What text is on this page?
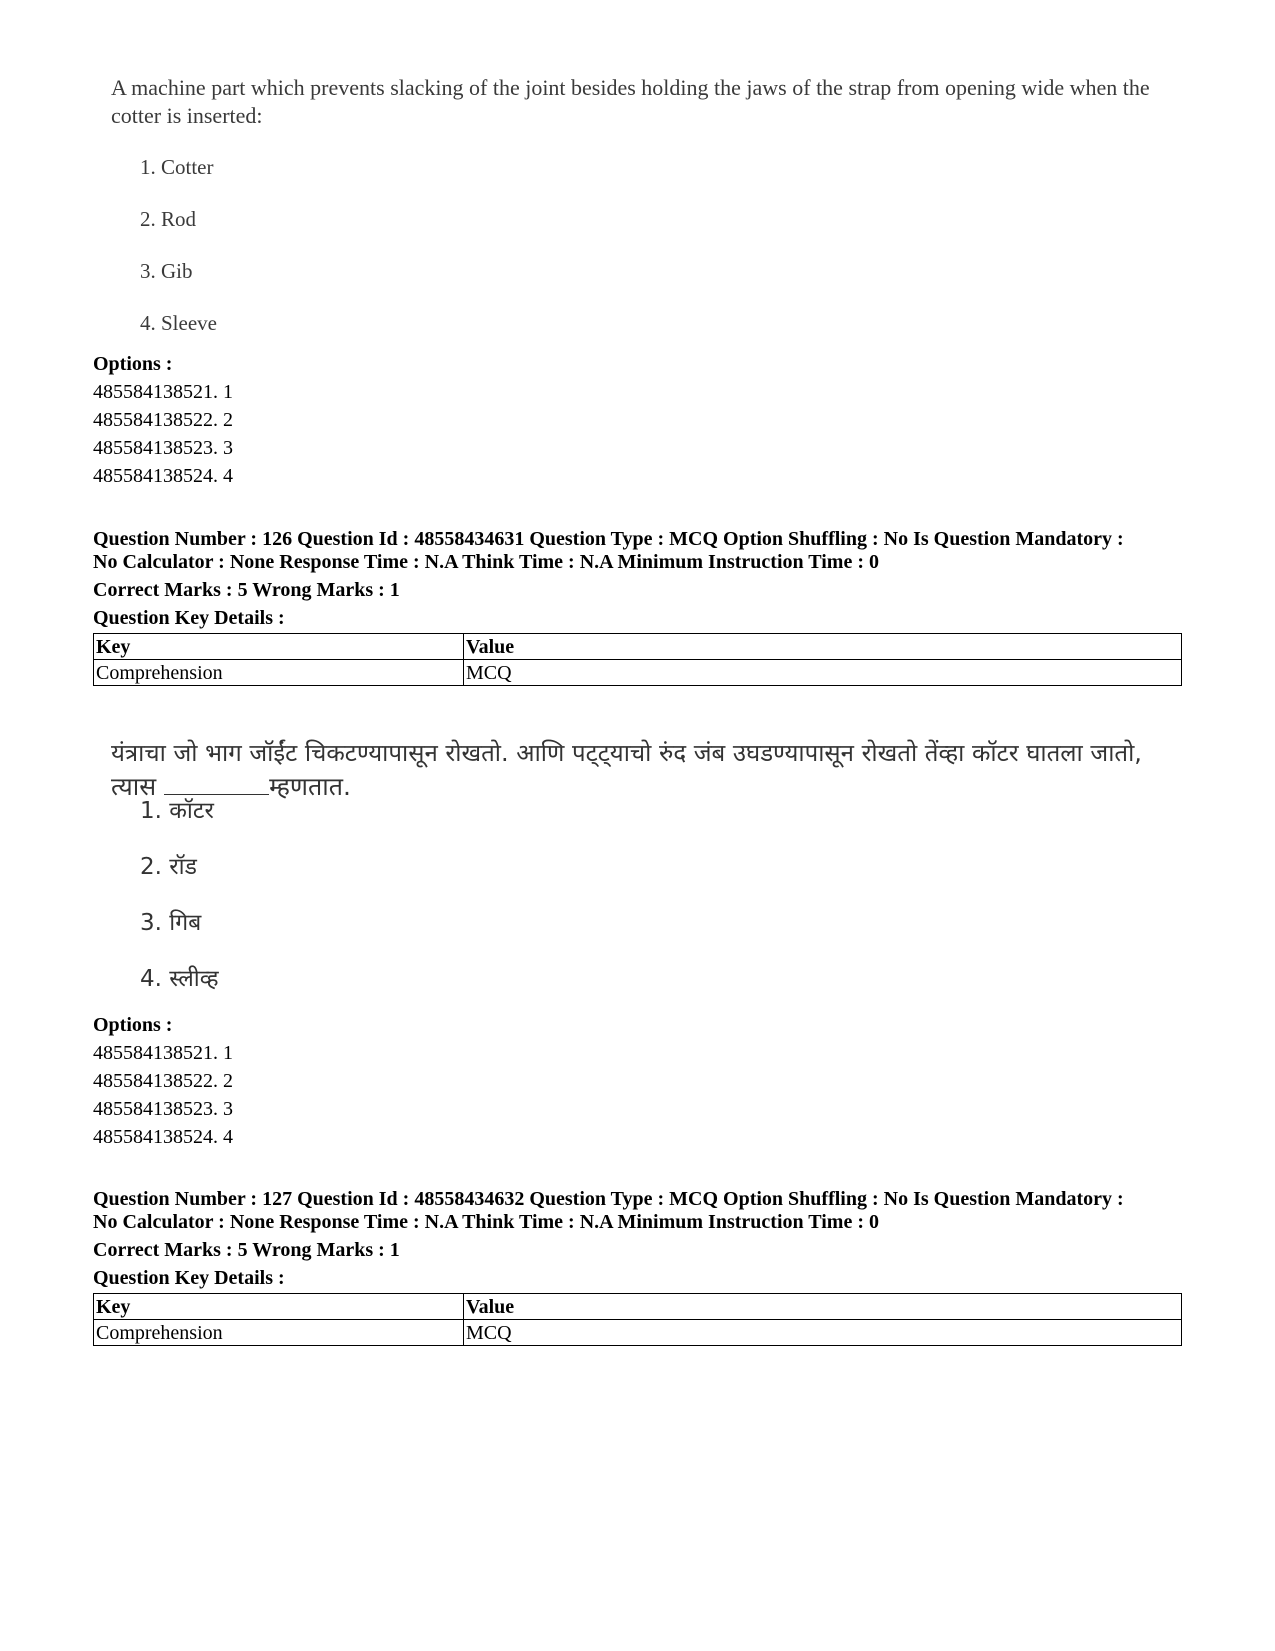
A machine part which prevents slacking of the joint besides holding the jaws of the strap from opening wide when the cotter is inserted:
1. Cotter
2. Rod
3. Gib
4. Sleeve
Options :
485584138521. 1
485584138522. 2
485584138523. 3
485584138524. 4
Question Number : 126 Question Id : 48558434631 Question Type : MCQ Option Shuffling : No Is Question Mandatory :
No Calculator : None Response Time : N.A Think Time : N.A Minimum Instruction Time : 0
Correct Marks : 5 Wrong Marks : 1
Question Key Details :
Key	Value
Comprehension	MCQ
यंत्राचा जो भाग जॉईंट चिकटण्यापासून रोखतो. आणि पट्ट्याचो रुंद जंब उघडण्यापासून रोखतो तेंव्हा कॉटर घातला जातो,
त्यास	म्हणतात.
1. कॉटर
2. रॉड
3. गिब
4. स्लीव्ह
Options :
485584138521. 1
485584138522. 2
485584138523. 3
485584138524. 4
Question Number : 127 Question Id : 48558434632 Question Type : MCQ Option Shuffling : No Is Question Mandatory :
No Calculator : None Response Time : N.A Think Time : N.A Minimum Instruction Time : 0
Correct Marks : 5 Wrong Marks : 1
Question Key Details :
Key	Value
Comprehension	MCQ
